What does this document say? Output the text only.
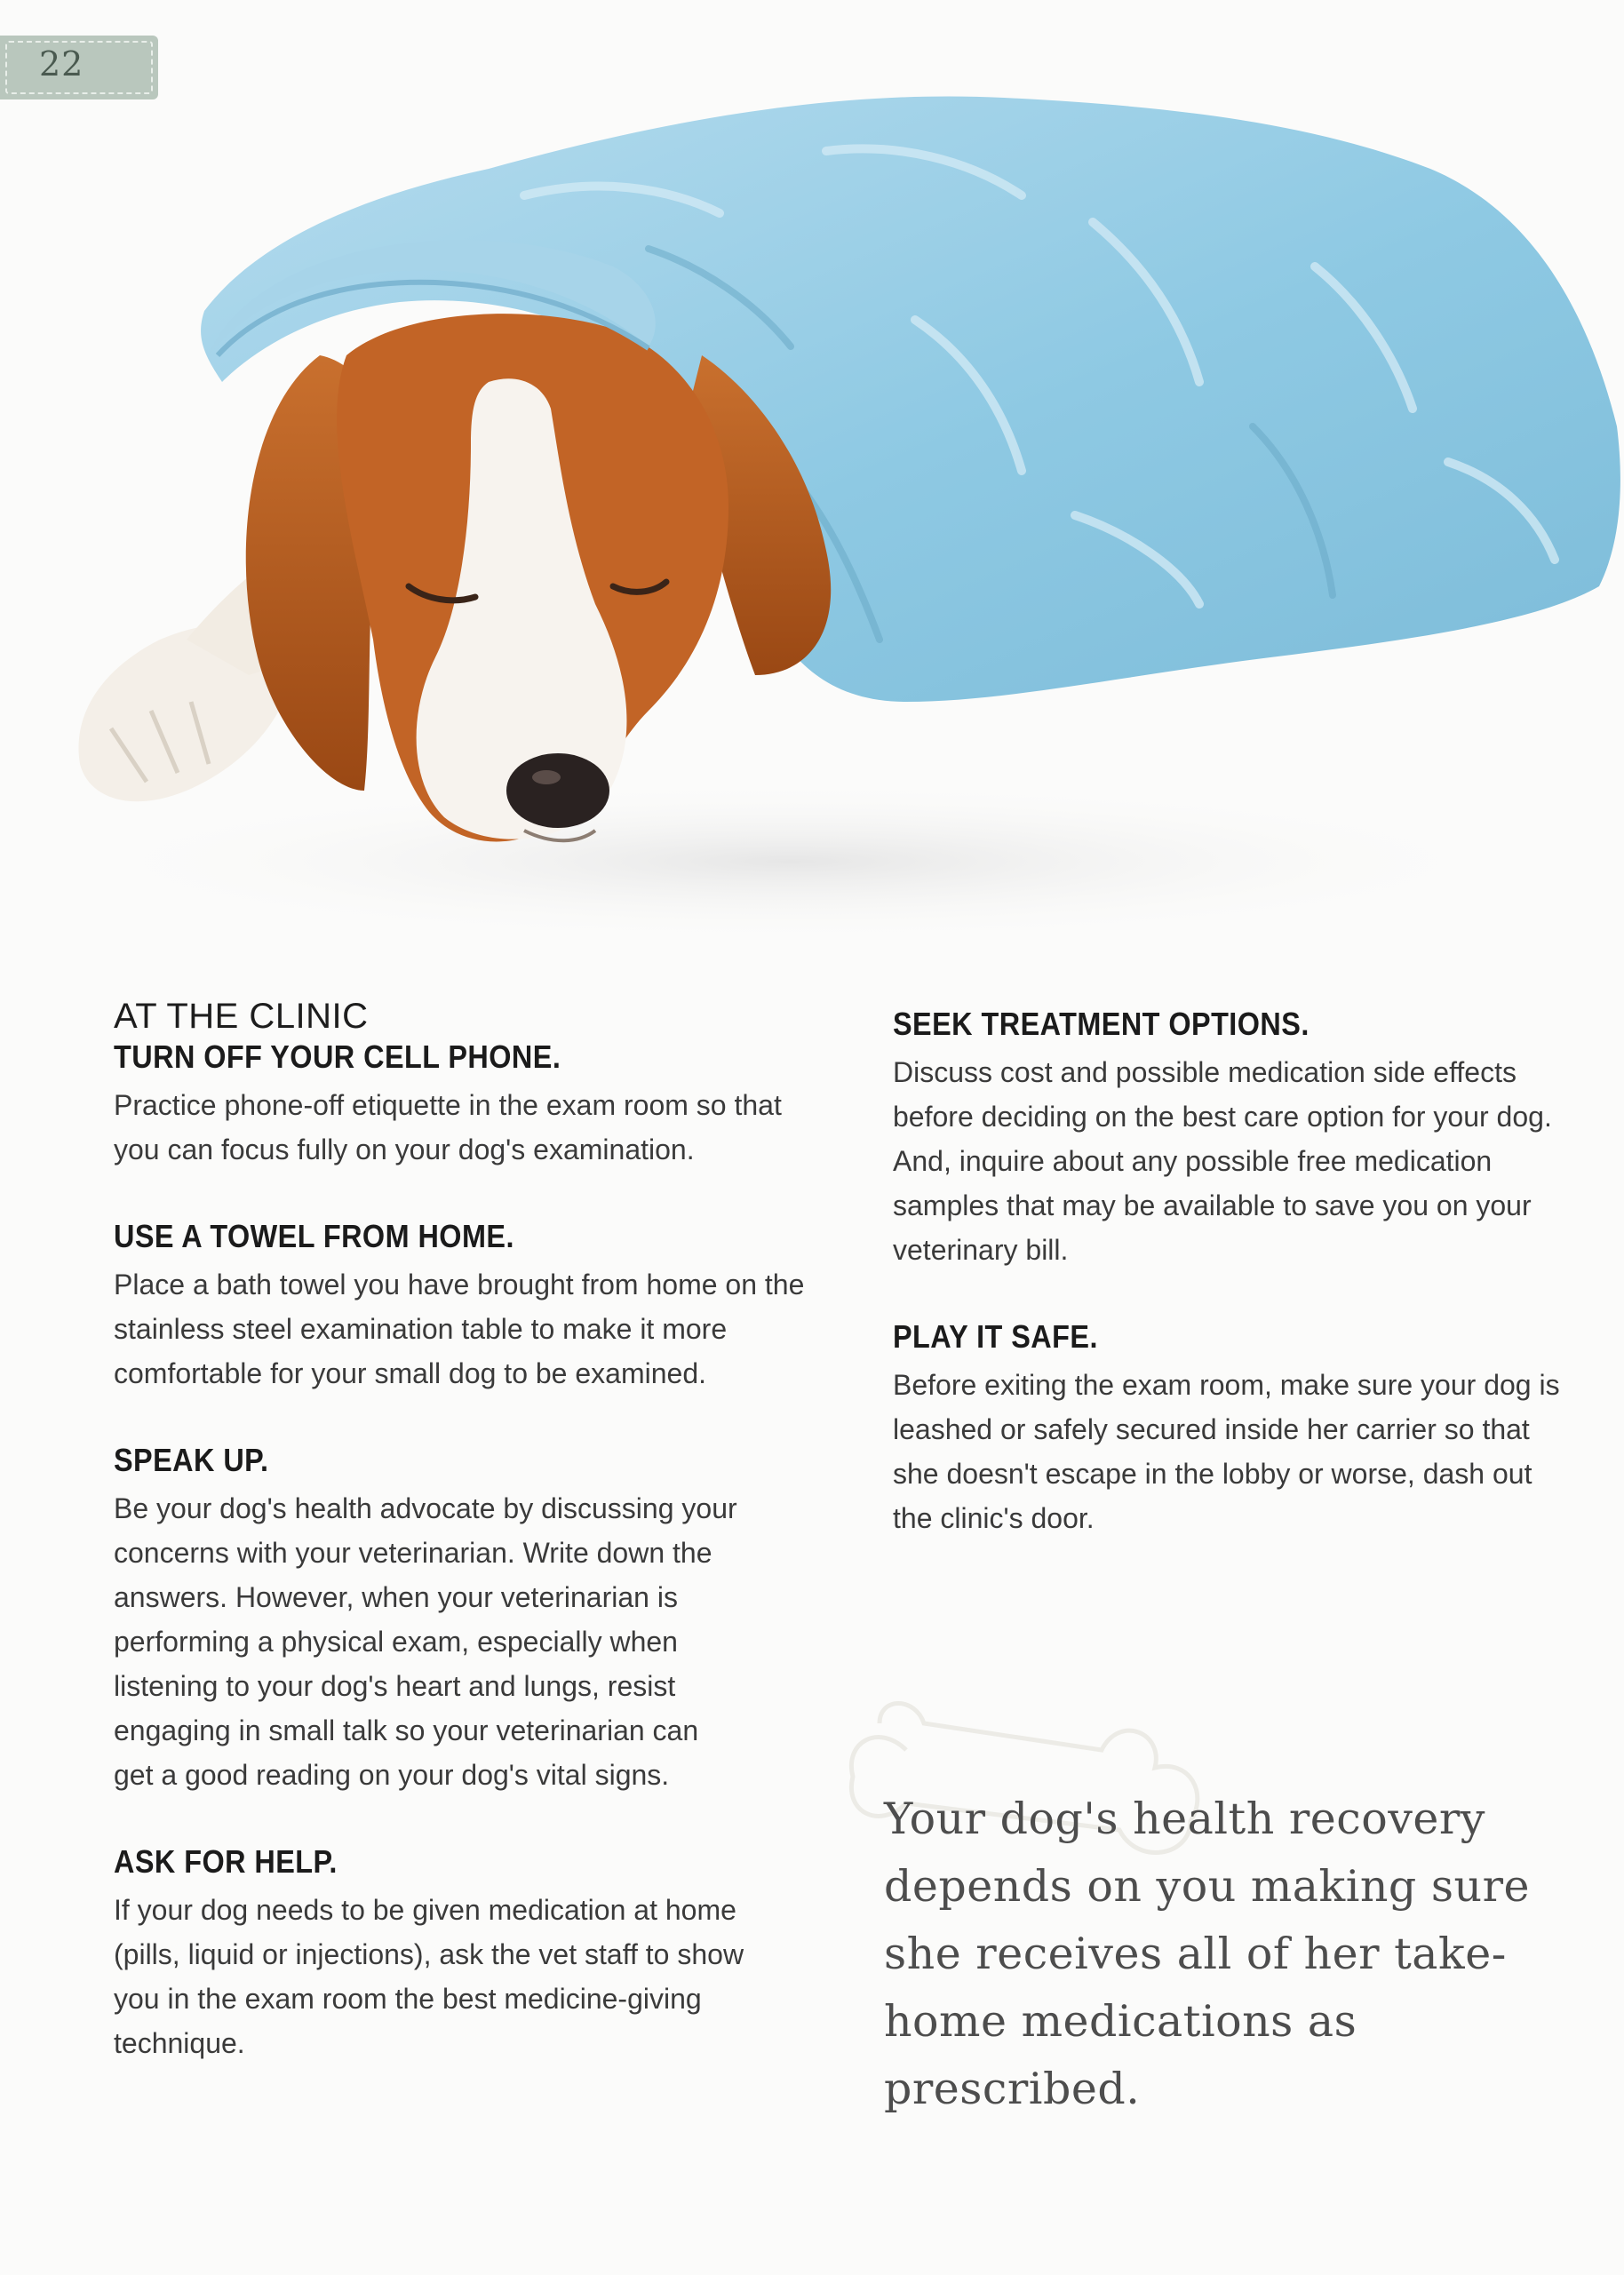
22
AT THE CLINIC
TURN OFF YOUR CELL PHONE.

Practice phone-off etiquette in the exam room so that you can focus fully on your dog's examination.

USE A TOWEL FROM HOME.

Place a bath towel you have brought from home on the stainless steel examination table to make it more comfortable for your small dog to be examined.

SPEAK UP.

Be your dog's health advocate by discussing your concerns with your veterinarian. Write down the answers. However, when your veterinarian is performing a physical exam, especially when listening to your dog's heart and lungs, resist engaging in small talk so your veterinarian can get a good reading on your dog's vital signs.

ASK FOR HELP.

If your dog needs to be given medication at home (pills, liquid or injections), ask the vet staff to show you in the exam room the best medicine-giving technique.

SEEK TREATMENT OPTIONS.

Discuss cost and possible medication side effects before deciding on the best care option for your dog. And, inquire about any possible free medication samples that may be available to save you on your veterinary bill.

PLAY IT SAFE.

Before exiting the exam room, make sure your dog is leashed or safely secured inside her carrier so that she doesn't escape in the lobby or worse, dash out the clinic's door.

Your dog's health recovery depends on you making sure she receives all of her take-home medications as prescribed.
